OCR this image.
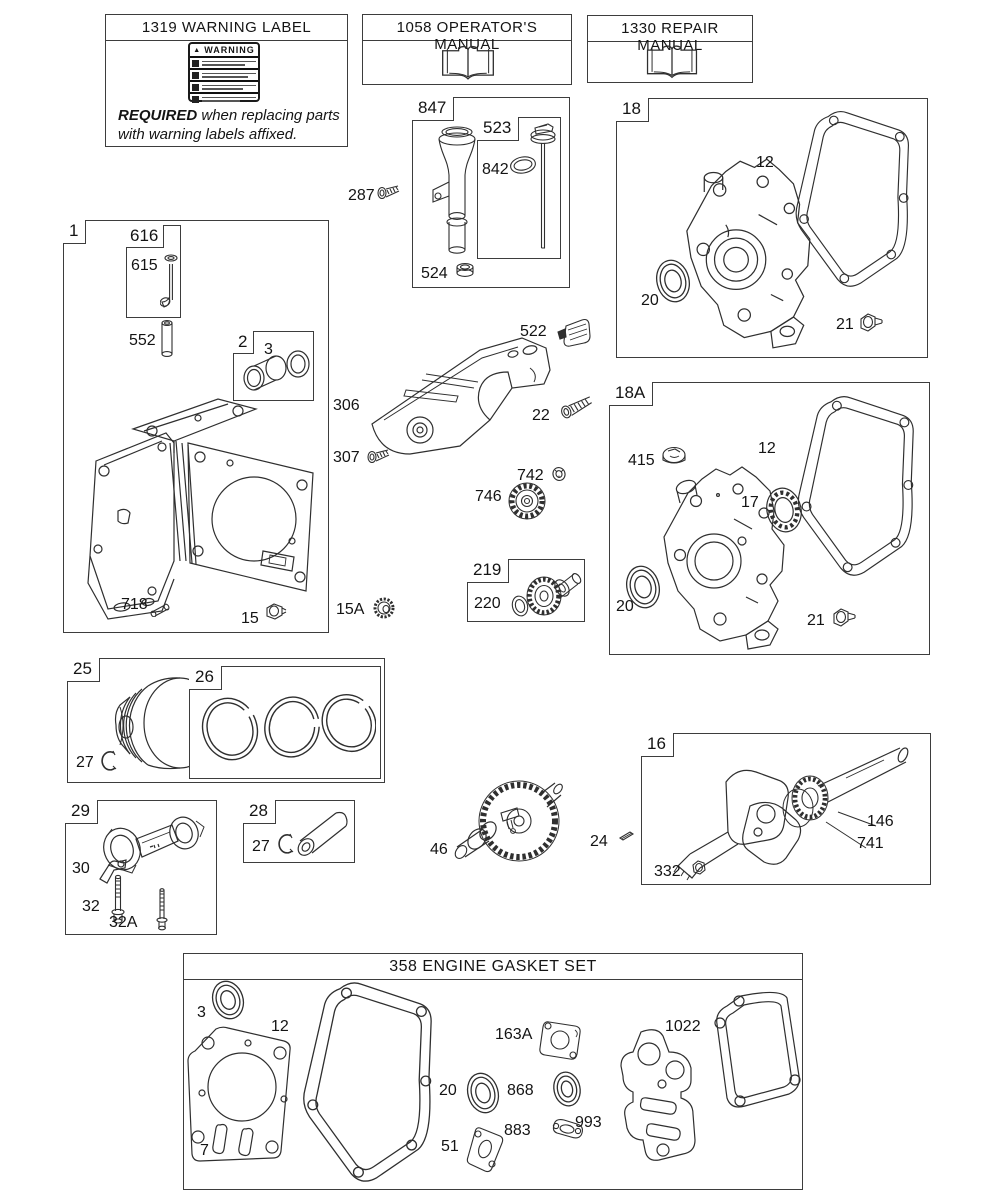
1319 WARNING LABEL
▲ WARNING
REQUIRED when replacing parts
with warning labels affixed.
1058 OPERATOR'S MANUAL
1330 REPAIR MANUAL
287
847
524
523
842
18
12
20
21
1	616
615
552	2	3
718
15
306
307
522
22
742
746
15A
219
220
18A
415
17
12
20
21
25
27
26
29
30
32
32A
28
27	46	24
16
146
741
332
358 ENGINE GASKET SET
3
12
7
20
51
163A
868
883	993
1022
